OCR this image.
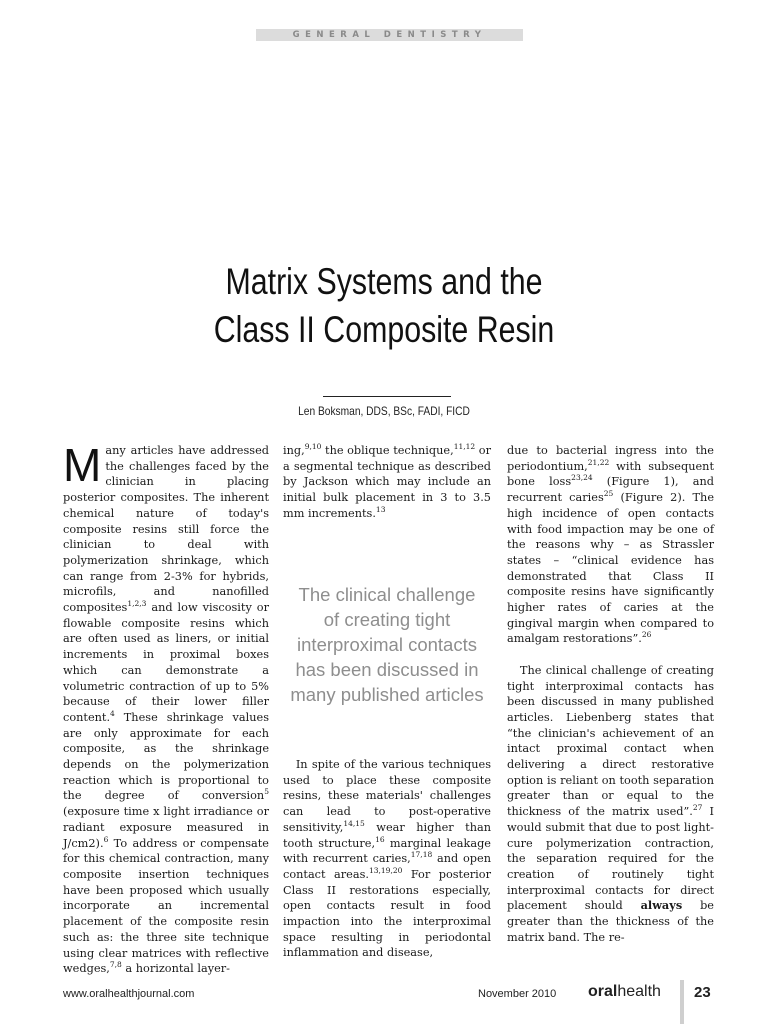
GENERAL DENTISTRY
Matrix Systems and the
Class II Composite Resin
Len Boksman, DDS, BSc, FADI, FICD

Many articles have addressed the challenges faced by the clinician in placing posterior composites. The inherent chemical nature of today's composite resins still force the clinician to deal with polymerization shrinkage, which can range from 2-3% for hybrids, microfils, and nanofilled composites$^{1,2,3}$ and low viscosity or flowable composite resins which are often used as liners, or initial increments in proximal boxes which can demonstrate a volumetric contraction of up to 5% because of their lower filler content.$^4$ These shrinkage values are only approximate for each composite, as the shrinkage depends on the polymerization reaction which is proportional to the degree of conversion$^5$ (exposure time x light irradiance or radiant exposure measured in J/cm2).$^6$ To address or compensate for this chemical contraction, many composite insertion techniques have been proposed which usually incorporate an incremental placement of the composite resin such as: the three site technique using clear matrices with reflective wedges,$^{7,8}$ a horizontal layer-

ing,$^{9,10}$ the oblique technique,$^{11,12}$ or a segmental technique as described by Jackson which may include an initial bulk placement in 3 to 3.5 mm increments.$^{13}$

The clinical challenge
of creating tight
interproximal contacts
has been discussed in
many published articles

In spite of the various techniques used to place these composite resins, these materials' challenges can lead to post-operative sensitivity,$^{14,15}$ wear higher than tooth structure,$^{16}$ marginal leakage with recurrent caries,$^{17,18}$ and open contact areas.$^{13,19,20}$ For posterior Class II restorations especially, open contacts result in food impaction into the interproximal space resulting in periodontal inflammation and disease,

due to bacterial ingress into the periodontium,$^{21,22}$ with subsequent bone loss$^{23,24}$ (Figure 1), and recurrent caries$^{25}$ (Figure 2). The high incidence of open contacts with food impaction may be one of the reasons why – as Strassler states – “clinical evidence has demonstrated that Class II composite resins have significantly higher rates of caries at the gingival margin when compared to amalgam restorations”.$^{26}$

The clinical challenge of creating tight interproximal contacts has been discussed in many published articles. Liebenberg states that “the clinician's achievement of an intact proximal contact when delivering a direct restorative option is reliant on tooth separation greater than or equal to the thickness of the matrix used”.$^{27}$ I would submit that due to post light-cure polymerization contraction, the separation required for the creation of routinely tight interproximal contacts for direct placement should always be greater than the thickness of the matrix band. The re-

www.oralhealthjournal.com	November 2010 oralhealth 23
